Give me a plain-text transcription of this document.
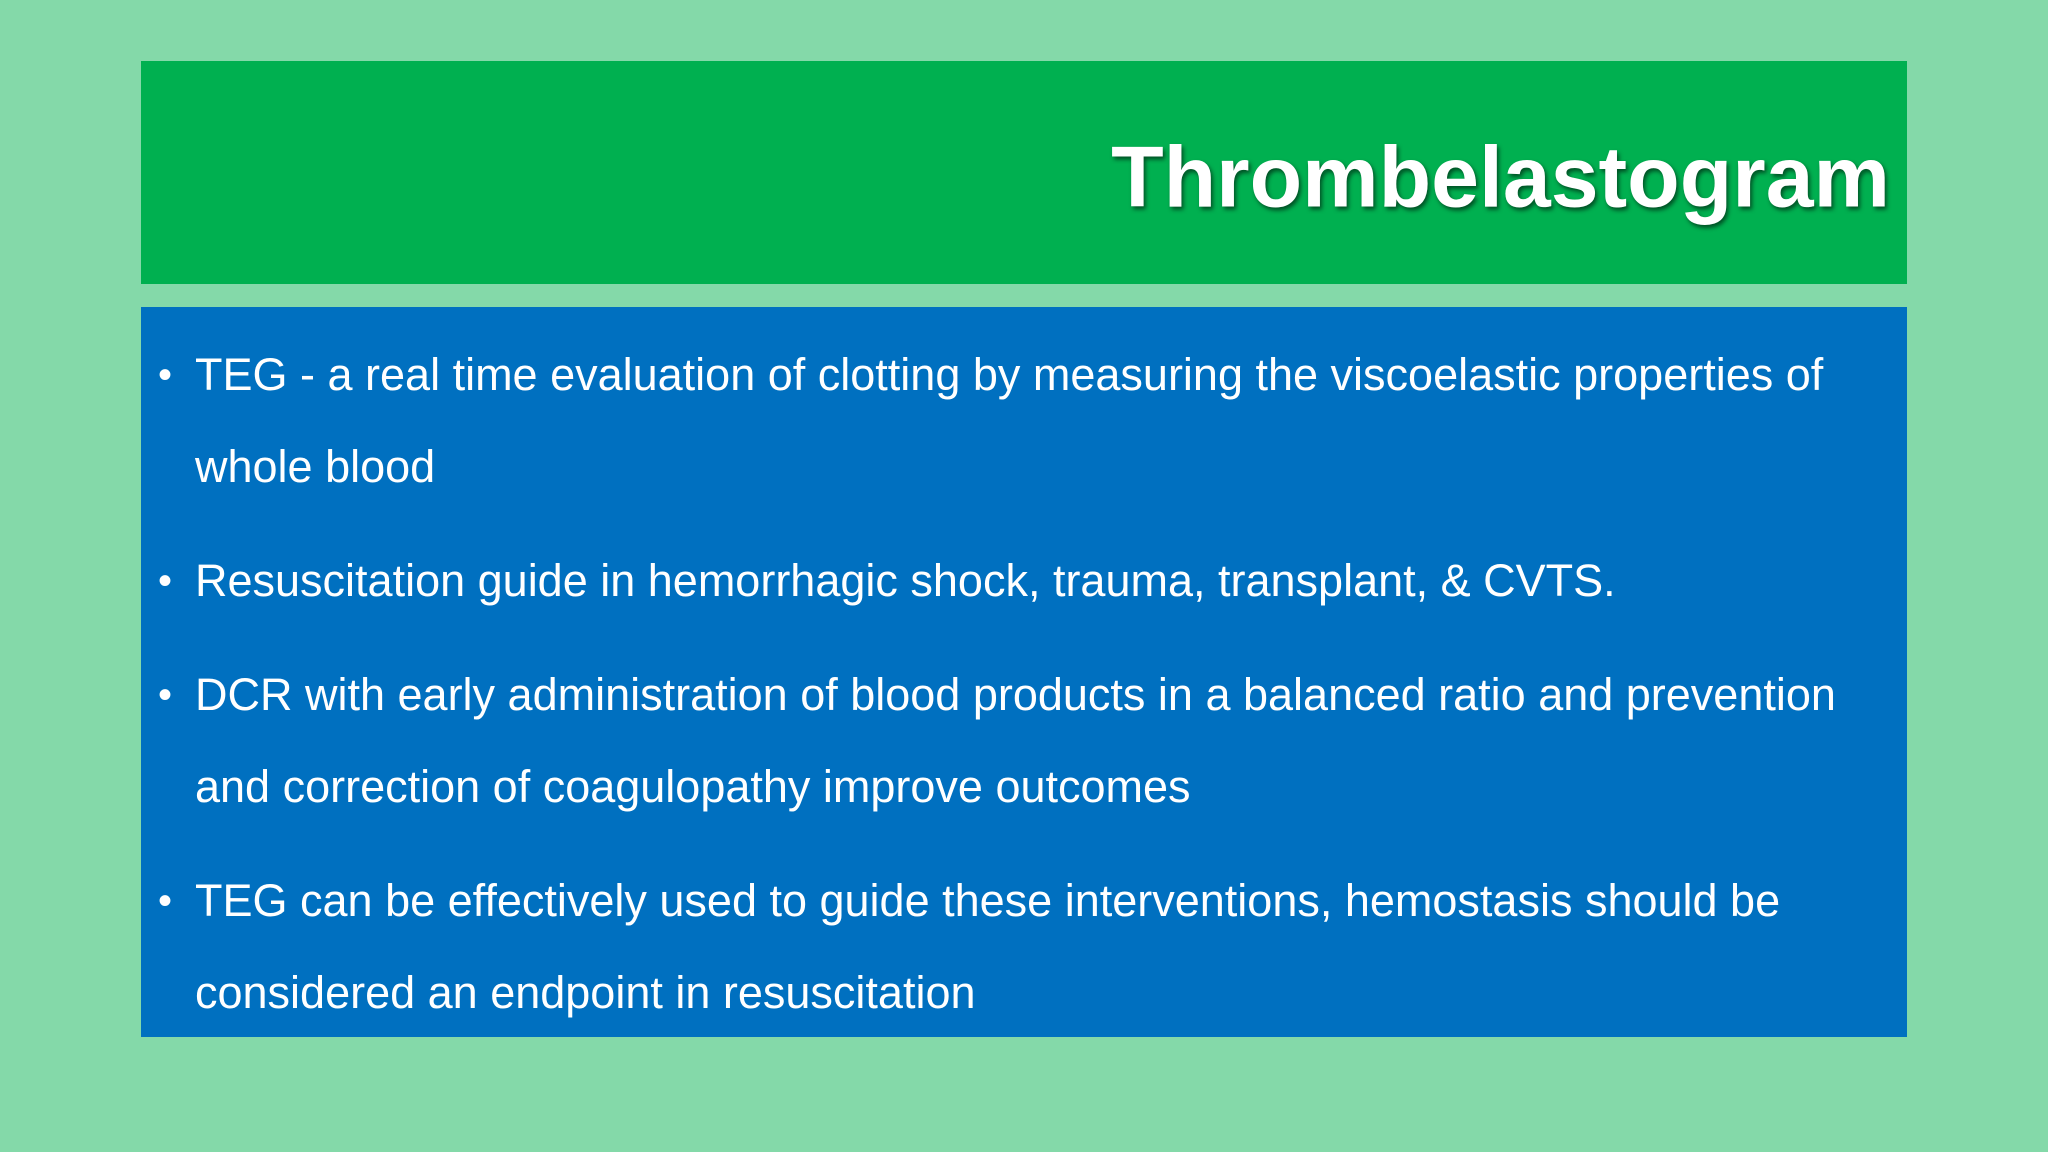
Thrombelastogram
• TEG - a real time evaluation of clotting by measuring the viscoelastic properties of whole blood
• Resuscitation guide in hemorrhagic shock, trauma, transplant, & CVTS.
• DCR with early administration of blood products in a balanced ratio and prevention and correction of coagulopathy improve outcomes
• TEG can be effectively used to guide these interventions, hemostasis should be considered an endpoint in resuscitation
